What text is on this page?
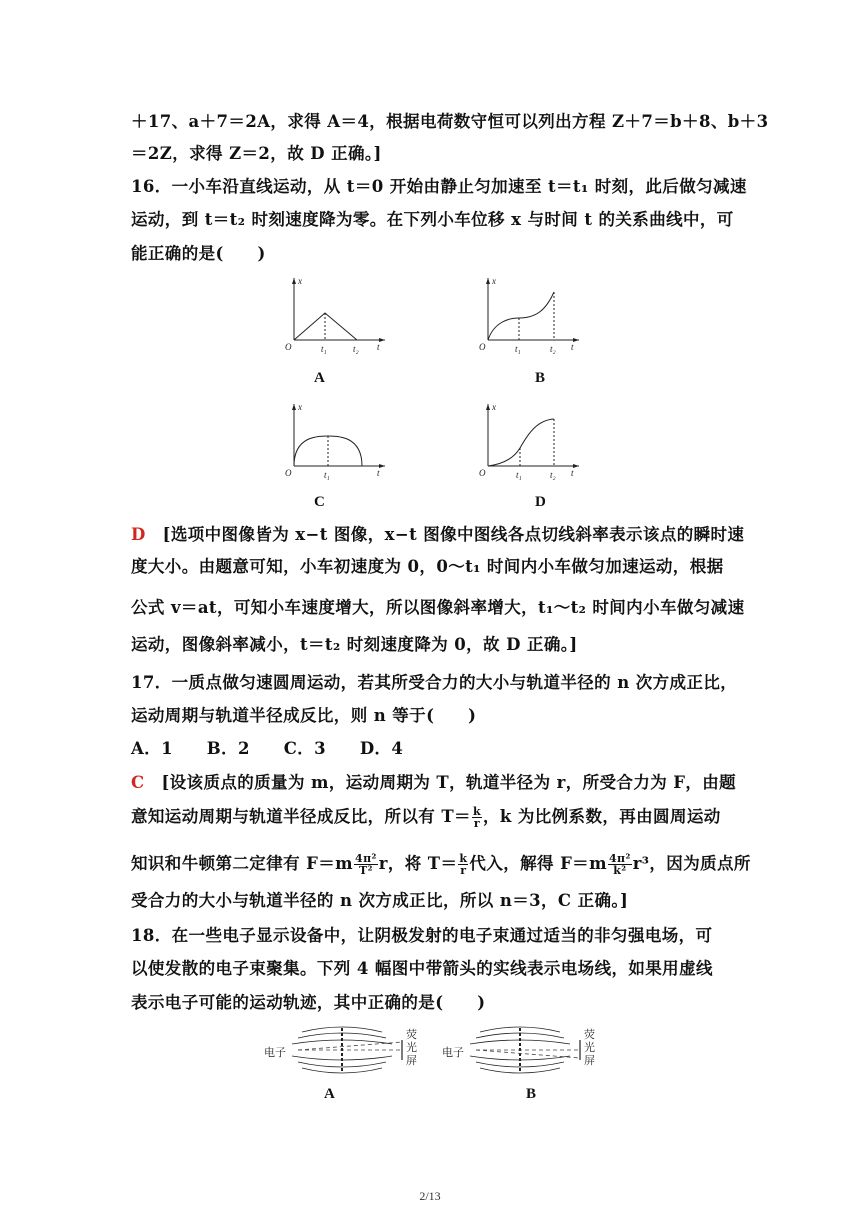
＋17、a＋7＝2A，求得 A＝4，根据电荷数守恒可以列出方程 Z＋7＝b＋8、b＋3
＝2Z，求得 Z＝2，故 D 正确。]
16．一小车沿直线运动，从 t＝0 开始由静止匀加速至 t＝t₁ 时刻，此后做匀减速
运动，到 t＝t₂ 时刻速度降为零。在下列小车位移 x 与时间 t 的关系曲线中，可
能正确的是(　　)
x
O	t₁	t₂ t
A
x
O	t₁	t₂ t
B
x
O	t₁	t
C
x
O	t₁	t₂ t
D
D　 [选项中图像皆为 x−t 图像，x−t 图像中图线各点切线斜率表示该点的瞬时速
度大小。由题意可知，小车初速度为 0，0～t₁ 时间内小车做匀加速运动，根据
公式 v＝at，可知小车速度增大，所以图像斜率增大，t₁～t₂ 时间内小车做匀减速
运动，图像斜率减小，t＝t₂ 时刻速度降为 0，故 D 正确。]
17．一质点做匀速圆周运动，若其所受合力的大小与轨道半径的 n 次方成正比，
运动周期与轨道半径成反比，则 n 等于(　　)
A．1　　B．2　　C．3　　D．4
C　 [设该质点的质量为 m，运动周期为 T，轨道半径为 r，所受合力为 F，由题
意知运动周期与轨道半径成反比，所以有 $T= \frac{k}{r}$ ，k 为比例系数，再由圆周运动
知识和牛顿第二定律有 $F=m \frac{\text{4π²}}{\text{T²}}$ r，将 $T= \frac{k}{r}$ 代入，解得 $F=m \frac{\text{4π²}}{\text{k²}} r^3$，因为质点所
受合力的大小与轨道半径的 n 次方成正比，所以 n＝3，C 正确。]
18．在一些电子显示设备中，让阴极发射的电子束通过适当的非匀强电场，可
以使发散的电子束聚集。下列 4 幅图中带箭头的实线表示电场线，如果用虚线
表示电子可能的运动轨迹，其中正确的是(　　)
电子
荧
光
屏
A
电子
荧
光
屏
B
2/13
